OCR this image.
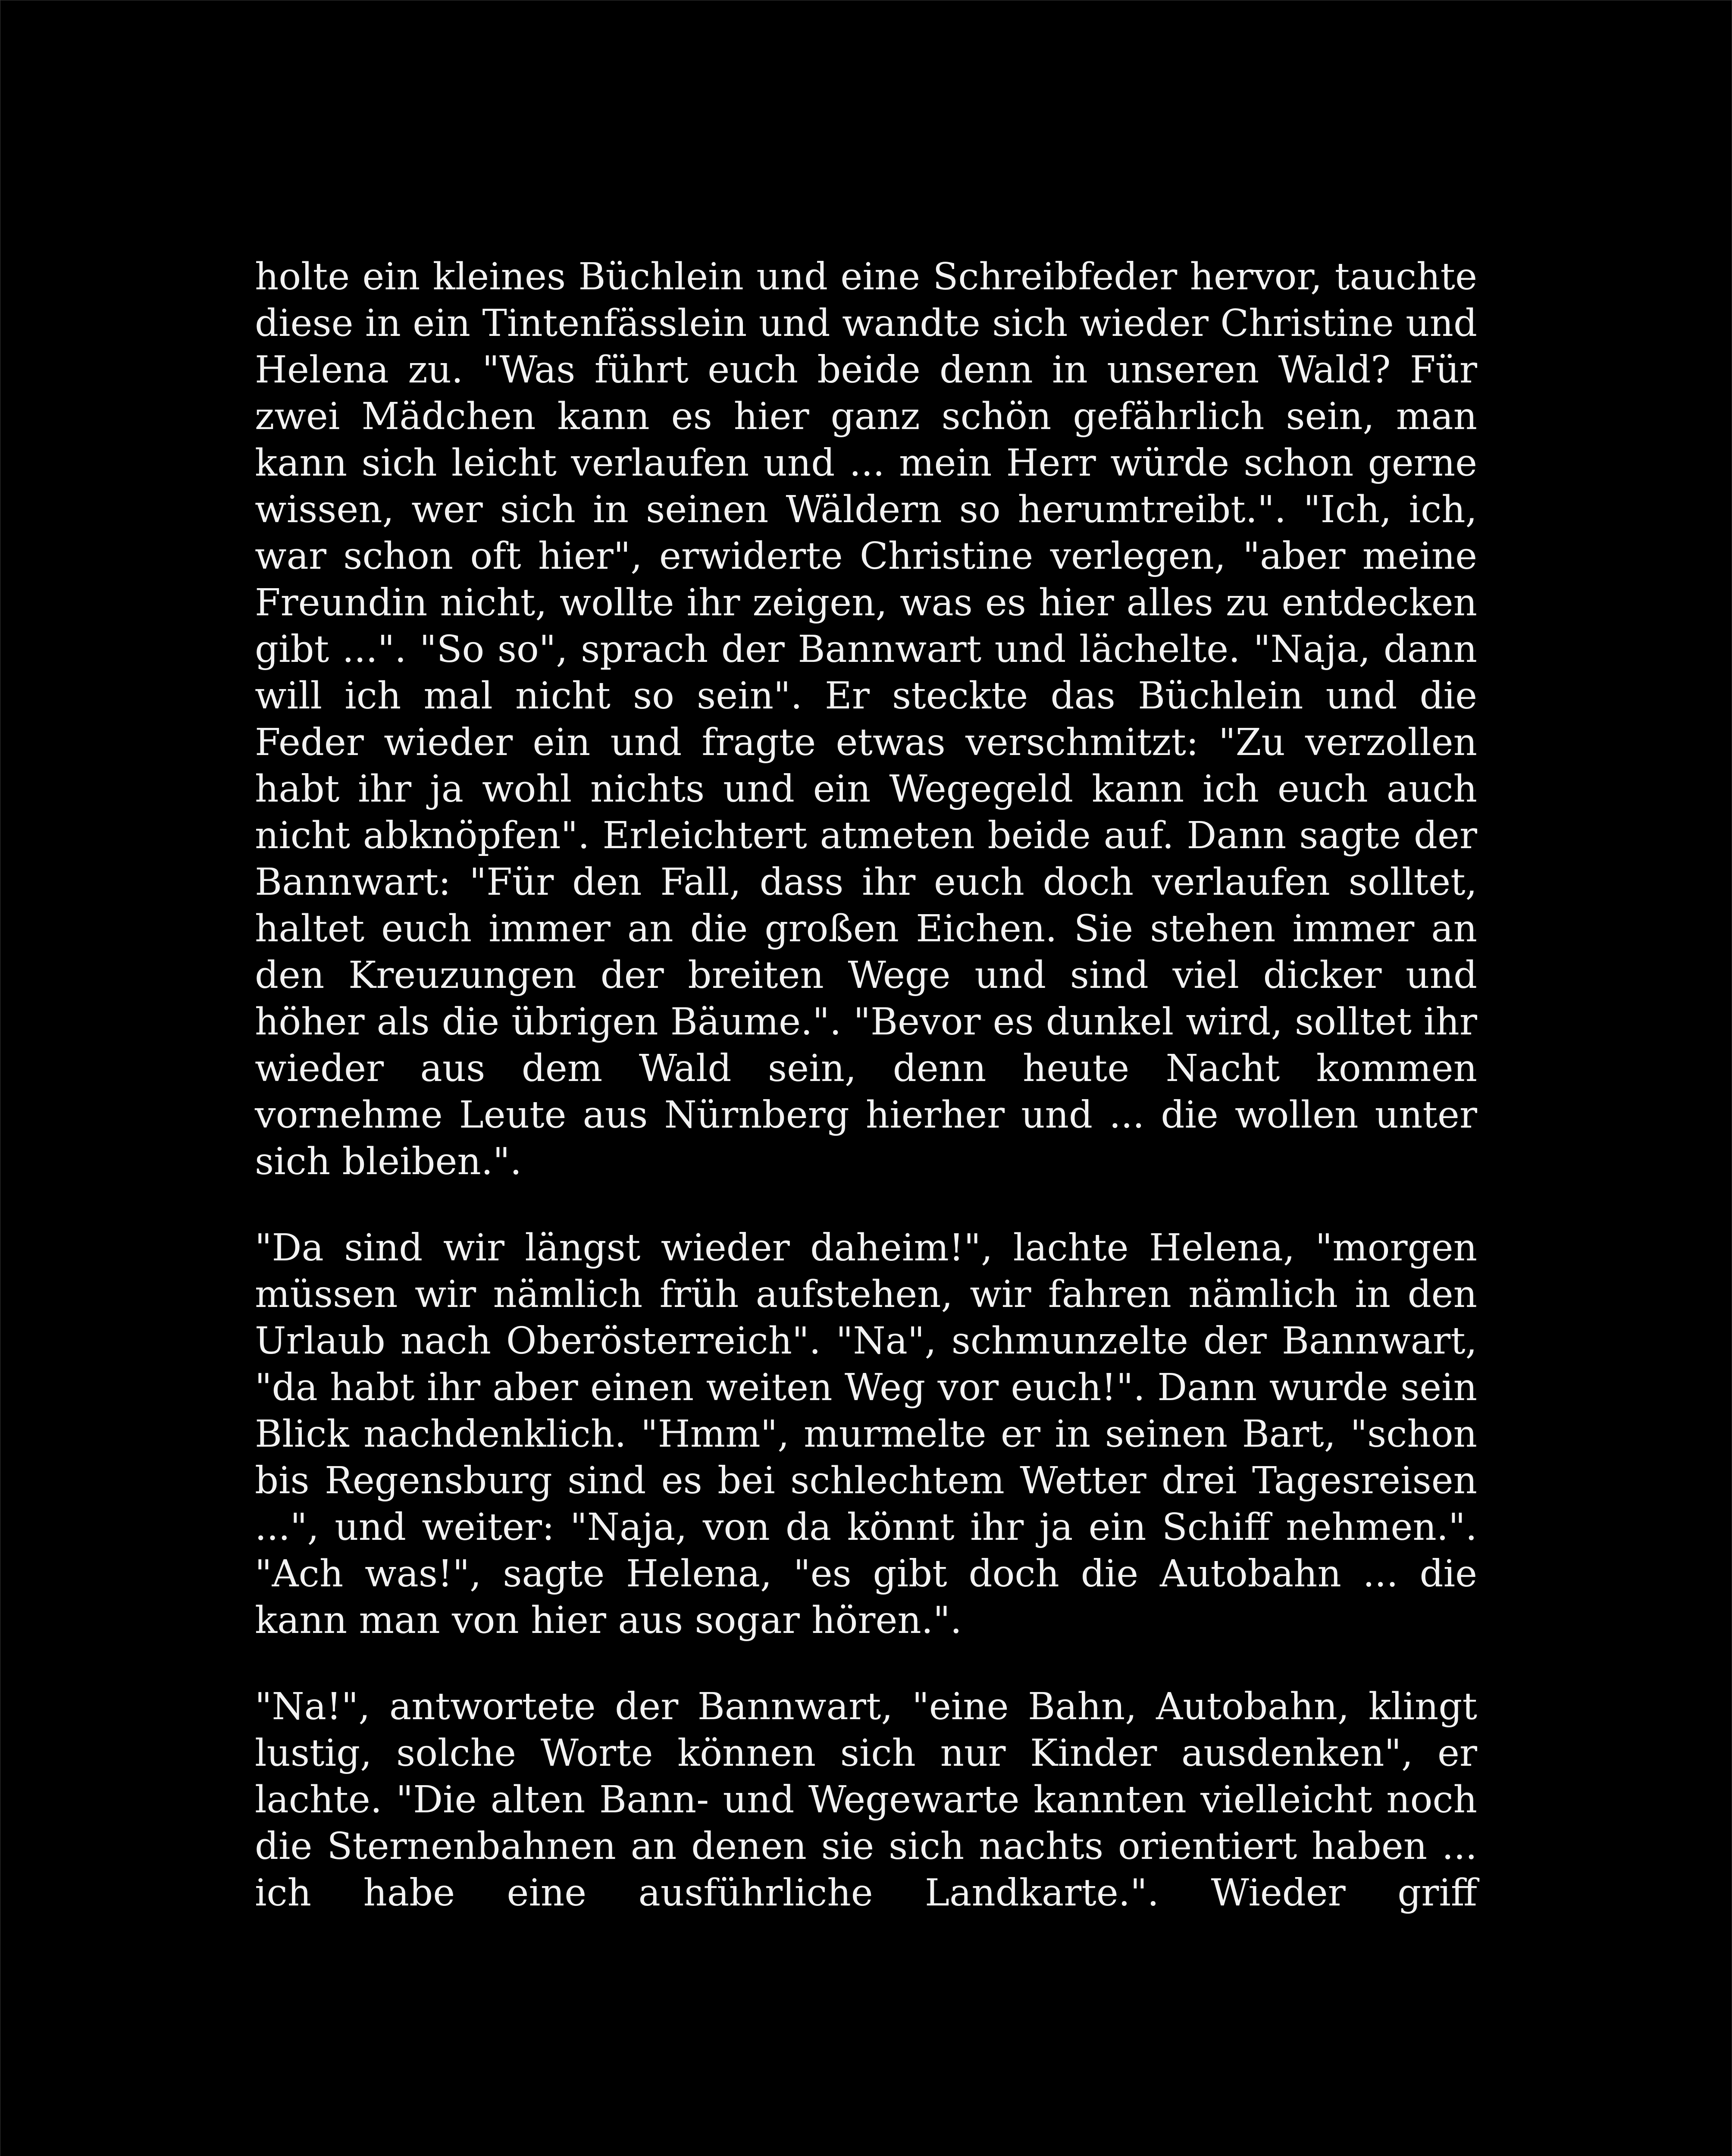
holte ein kleines Büchlein und eine Schreibfeder hervor, tauchte diese in ein Tintenfässlein und wandte sich wieder Christine und Helena zu. "Was führt euch beide denn in unseren Wald? Für zwei Mädchen kann es hier ganz schön gefährlich sein, man kann sich leicht verlaufen und ... mein Herr würde schon gerne wissen, wer sich in seinen Wäldern so herumtreibt.". "Ich, ich, war schon oft hier", erwiderte Christine verlegen, "aber meine Freundin nicht, wollte ihr zeigen, was es hier alles zu entdecken gibt ...". "So so", sprach der Bannwart und lächelte. "Naja, dann will ich mal nicht so sein". Er steckte das Büchlein und die Feder wieder ein und fragte etwas verschmitzt: "Zu verzollen habt ihr ja wohl nichts und ein Wegegeld kann ich euch auch nicht abknöpfen". Erleichtert atmeten beide auf. Dann sagte der Bannwart: "Für den Fall, dass ihr euch doch verlaufen solltet, haltet euch immer an die großen Eichen. Sie stehen immer an den Kreuzungen der breiten Wege und sind viel dicker und höher als die übrigen Bäume.". "Bevor es dunkel wird, solltet ihr wieder aus dem Wald sein, denn heute Nacht kommen vornehme Leute aus Nürnberg hierher und ... die wollen unter sich bleiben.".

"Da sind wir längst wieder daheim!", lachte Helena, "morgen müssen wir nämlich früh aufstehen, wir fahren nämlich in den Urlaub nach Oberösterreich". "Na", schmunzelte der Bannwart, "da habt ihr aber einen weiten Weg vor euch!". Dann wurde sein Blick nachdenklich. "Hmm", murmelte er in seinen Bart, "schon bis Regensburg sind es bei schlechtem Wetter drei Tagesreisen ...", und weiter: "Naja, von da könnt ihr ja ein Schiff nehmen.". "Ach was!", sagte Helena, "es gibt doch die Autobahn ... die kann man von hier aus sogar hören.".

"Na!", antwortete der Bannwart, "eine Bahn, Autobahn, klingt lustig, solche Worte können sich nur Kinder ausdenken", er lachte. "Die alten Bann- und Wegewarte kannten vielleicht noch die Sternenbahnen an denen sie sich nachts orientiert haben ... ich habe eine ausführliche Landkarte.". Wieder griff
